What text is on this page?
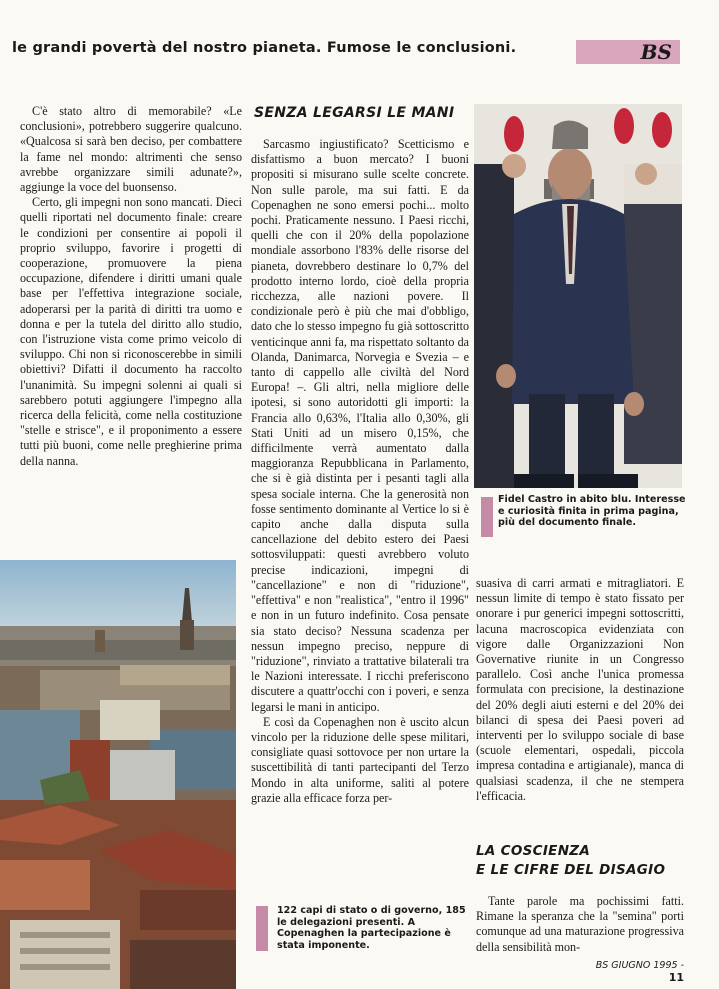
le grandi povertà del nostro pianeta. Fumose le conclusioni.	BS

C'è stato altro di memorabile? «Le conclusioni», potrebbero suggerire qualcuno. «Qualcosa si sarà ben deciso, per combattere la fame nel mondo: altrimenti che senso avrebbe organizzare simili adunate?», aggiunge la voce del buonsenso.

Certo, gli impegni non sono mancati. Dieci quelli riportati nel documento finale: creare le condizioni per consentire ai popoli il proprio sviluppo, favorire i progetti di cooperazione, promuovere la piena occupazione, difendere i diritti umani quale base per l'effettiva integrazione sociale, adoperarsi per la parità di diritti tra uomo e donna e per la tutela del diritto allo studio, con l'istruzione vista come primo veicolo di sviluppo. Chi non si riconoscerebbe in simili obiettivi? Difatti il documento ha raccolto l'unanimità. Su impegni solenni ai quali si sarebbero potuti aggiungere l'impegno alla ricerca della felicità, come nella costituzione "stelle e strisce", e il proponimento a essere tutti più buoni, come nelle preghierine prima della nanna.

SENZA LEGARSI LE MANI

Sarcasmo ingiustificato? Scetticismo e disfattismo a buon mercato? I buoni propositi si misurano sulle scelte concrete. Non sulle parole, ma sui fatti. E da Copenaghen ne sono emersi pochi... molto pochi. Praticamente nessuno. I Paesi ricchi, quelli che con il 20% della popolazione mondiale assorbono l'83% delle risorse del pianeta, dovrebbero destinare lo 0,7% del prodotto interno lordo, cioè della propria ricchezza, alle nazioni povere. Il condizionale però è più che mai d'obbligo, dato che lo stesso impegno fu già sottoscritto venticinque anni fa, ma rispettato soltanto da Olanda, Danimarca, Norvegia e Svezia – e tanto di cappello alle civiltà del Nord Europa! –. Gli altri, nella migliore delle ipotesi, si sono autoridotti gli importi: la Francia allo 0,63%, l'Italia allo 0,30%, gli Stati Uniti ad un misero 0,15%, che difficilmente verrà aumentato dalla maggioranza Repubblicana in Parlamento, che si è già distinta per i pesanti tagli alla spesa sociale interna. Che la generosità non fosse sentimento dominante al Vertice lo si è capito anche dalla disputa sulla cancellazione del debito estero dei Paesi sottosviluppati: questi avrebbero voluto precise indicazioni, impegni di "cancellazione" e non di "riduzione", "effettiva" e non "realistica", "entro il 1996" e non in un futuro indefinito. Cosa pensate sia stato deciso? Nessuna scadenza per nessun impegno preciso, neppure di "riduzione", rinviato a trattative bilaterali tra le Nazioni interessate. I ricchi preferiscono discutere a quattr'occhi con i poveri, e senza legarsi le mani in anticipo.

E così da Copenaghen non è uscito alcun vincolo per la riduzione delle spese militari, consigliate quasi sottovoce per non urtare la suscettibilità di tanti partecipanti del Terzo Mondo in alta uniforme, saliti al potere grazie alla efficace forza per-

Fidel Castro in abito blu. Interesse e curiosità finita in prima pagina, più del documento finale.

suasiva di carri armati e mitragliatori. E nessun limite di tempo è stato fissato per onorare i pur generici impegni sottoscritti, lacuna macroscopica evidenziata con vigore dalle Organizzazioni Non Governative riunite in un Congresso parallelo. Così anche l'unica promessa formulata con precisione, la destinazione del 20% degli aiuti esterni e del 20% dei bilanci di spesa dei Paesi poveri ad interventi per lo sviluppo sociale di base (scuole elementari, ospedali, piccola impresa contadina e artigianale), manca di qualsiasi scadenza, il che ne stempera l'efficacia.

LA COSCIENZA
E LE CIFRE DEL DISAGIO

Tante parole ma pochissimi fatti. Rimane la speranza che la "semina" porti comunque ad una maturazione progressiva della sensibilità mon-

122 capi di stato o di governo, 185 le delegazioni presenti. A Copenaghen la partecipazione è stata imponente.
BS GIUGNO 1995 - 11
